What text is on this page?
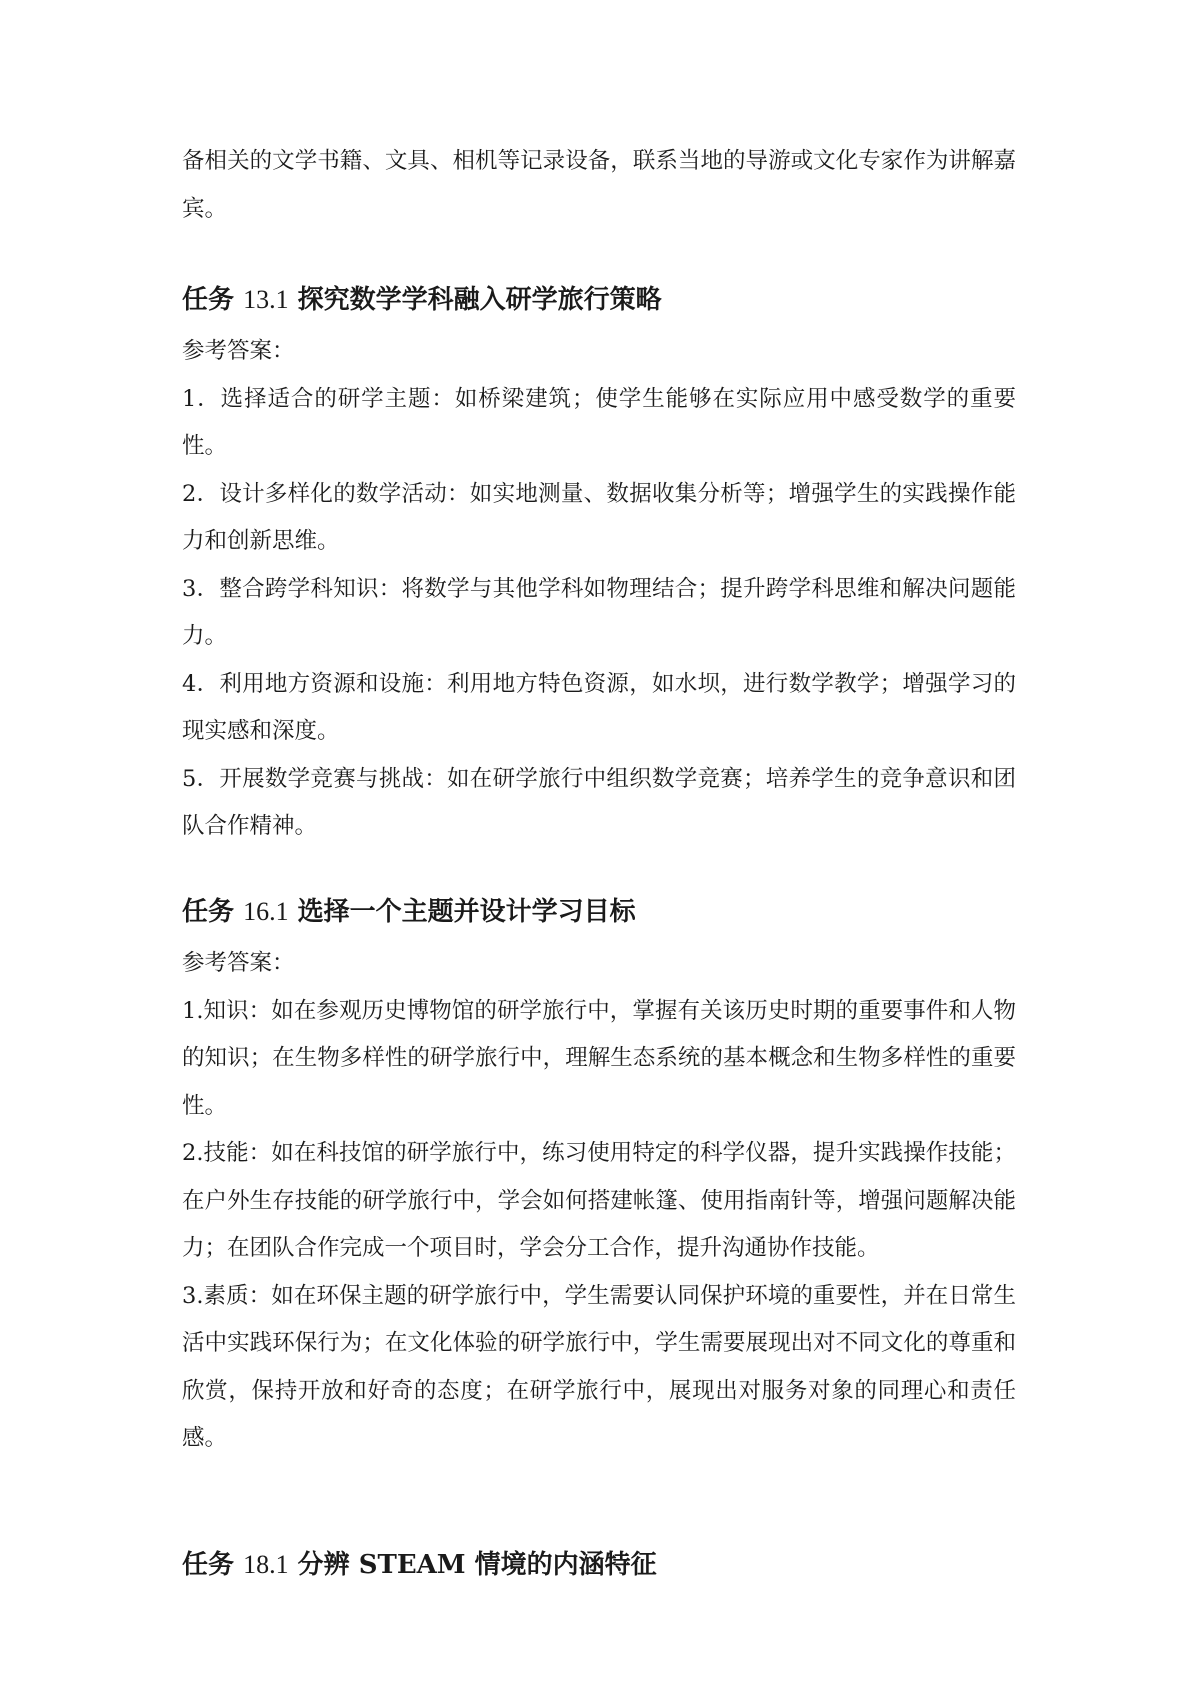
备相关的文学书籍、文具、相机等记录设备，联系当地的导游或文化专家作为讲解嘉宾。

任务 13.1 探究数学学科融入研学旅行策略

参考答案：

1．选择适合的研学主题：如桥梁建筑；使学生能够在实际应用中感受数学的重要性。

2．设计多样化的数学活动：如实地测量、数据收集分析等；增强学生的实践操作能力和创新思维。

3．整合跨学科知识：将数学与其他学科如物理结合；提升跨学科思维和解决问题能力。

4．利用地方资源和设施：利用地方特色资源，如水坝，进行数学教学；增强学习的现实感和深度。

5．开展数学竞赛与挑战：如在研学旅行中组织数学竞赛；培养学生的竞争意识和团队合作精神。

任务 16.1 选择一个主题并设计学习目标

参考答案：

1.知识：如在参观历史博物馆的研学旅行中，掌握有关该历史时期的重要事件和人物的知识；在生物多样性的研学旅行中，理解生态系统的基本概念和生物多样性的重要性。

2.技能：如在科技馆的研学旅行中，练习使用特定的科学仪器，提升实践操作技能；在户外生存技能的研学旅行中，学会如何搭建帐篷、使用指南针等，增强问题解决能力；在团队合作完成一个项目时，学会分工合作，提升沟通协作技能。

3.素质：如在环保主题的研学旅行中，学生需要认同保护环境的重要性，并在日常生活中实践环保行为；在文化体验的研学旅行中，学生需要展现出对不同文化的尊重和欣赏，保持开放和好奇的态度；在研学旅行中，展现出对服务对象的同理心和责任感。

任务 18.1 分辨 STEAM 情境的内涵特征
